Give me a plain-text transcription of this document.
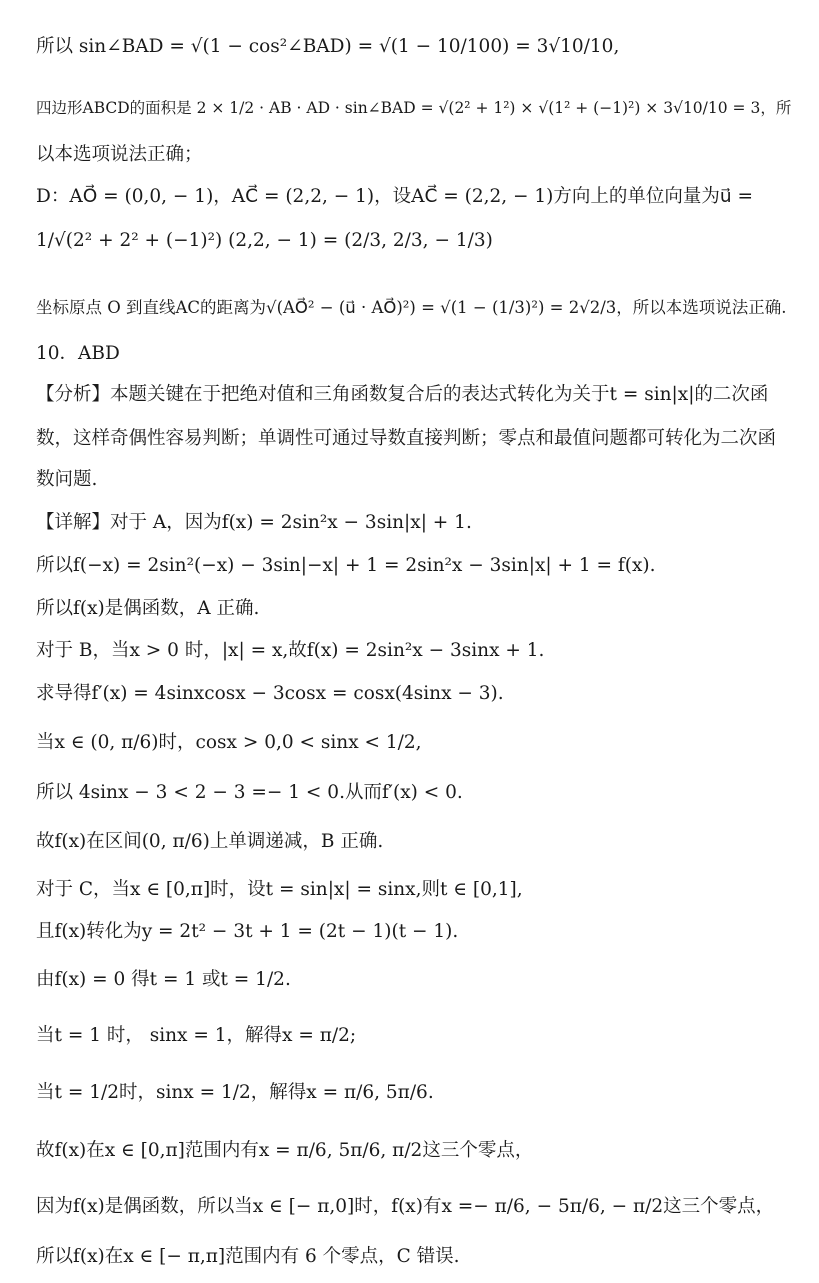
所以 sin∠BAD = √(1 − cos²∠BAD) = √(1 − 10/100) = 3√10/10,
四边形ABCD的面积是 2 × 1/2 · AB · AD · sin∠BAD = √(2² + 1²) × √(1² + (−1)²) × 3√10/10 = 3，所
以本选项说法正确；
D：AO⃗ = (0,0, − 1)，AC⃗ = (2,2, − 1)，设AC⃗ = (2,2, − 1)方向上的单位向量为u⃗ =
1/√(2² + 2² + (−1)²) (2,2, − 1) = (2/3, 2/3, − 1/3)
坐标原点 O 到直线AC的距离为√(AO⃗² − (u⃗ · AO⃗)²) = √(1 − (1/3)²) = 2√2/3，所以本选项说法正确.
10．ABD
【分析】本题关键在于把绝对值和三角函数复合后的表达式转化为关于t = sin|x|的二次函
数，这样奇偶性容易判断；单调性可通过导数直接判断；零点和最值问题都可转化为二次函
数问题.
【详解】对于 A，因为f(x) = 2sin²x − 3sin|x| + 1.
所以f(−x) = 2sin²(−x) − 3sin|−x| + 1 = 2sin²x − 3sin|x| + 1 = f(x).
所以f(x)是偶函数，A 正确.
对于 B，当x > 0 时，|x| = x,故f(x) = 2sin²x − 3sinx + 1.
求导得f′(x) = 4sinxcosx − 3cosx = cosx(4sinx − 3).
当x ∈ (0, π/6)时，cosx > 0,0 < sinx < 1/2,
所以 4sinx − 3 < 2 − 3 =− 1 < 0.从而f′(x) < 0.
故f(x)在区间(0, π/6)上单调递减，B 正确.
对于 C，当x ∈ [0,π]时，设t = sin|x| = sinx,则t ∈ [0,1],
且f(x)转化为y = 2t² − 3t + 1 = (2t − 1)(t − 1).
由f(x) = 0 得t = 1 或t = 1/2.
当t = 1 时， sinx = 1，解得x = π/2;
当t = 1/2时，sinx = 1/2，解得x = π/6, 5π/6.
故f(x)在x ∈ [0,π]范围内有x = π/6, 5π/6, π/2这三个零点，
因为f(x)是偶函数，所以当x ∈ [− π,0]时，f(x)有x =− π/6, − 5π/6, − π/2这三个零点，
所以f(x)在x ∈ [− π,π]范围内有 6 个零点，C 错误.
